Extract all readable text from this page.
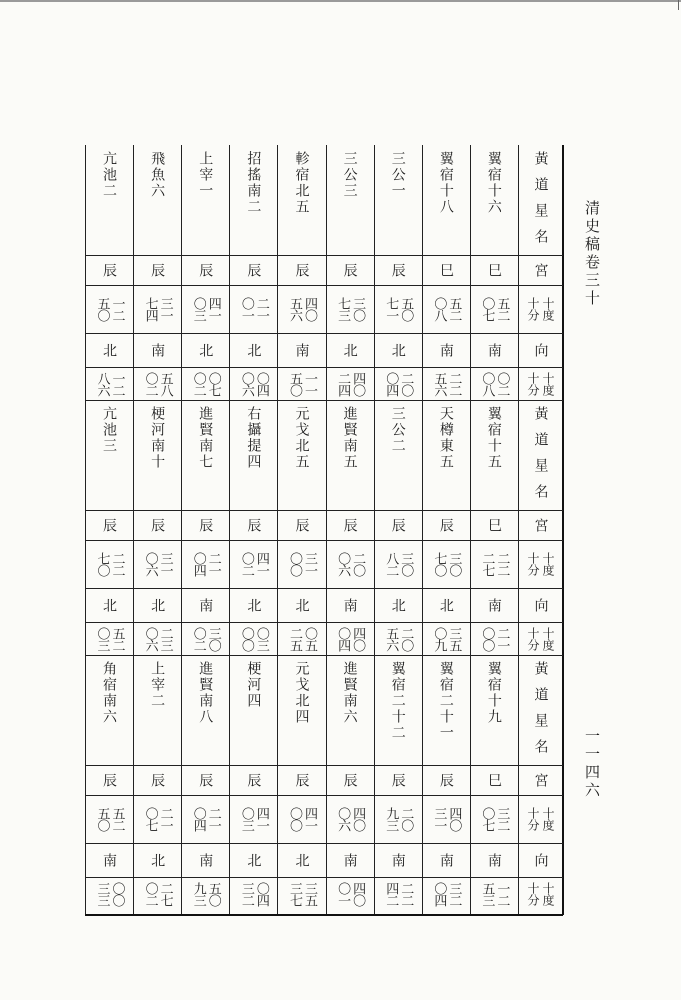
清史稿卷三十
一一四六
黃道星名
宮
十度
十分
向
十度
十分
翼宿十六
巳
五二
〇七
南
〇二
〇八
翼宿十八
巳
五二
〇八
南
二二
五六
三公一
辰
五〇
七一
北
二〇
〇四
三公三
辰
三〇
七三
北
四〇
二四
軫宿北五
辰
四〇
五六
南
一一
五〇
招搖南二
辰
二一
〇一
北
〇四
〇六
上宰一
辰
四一
〇三
北
〇七
〇二
飛魚六
辰
三一
七四
南
五八
〇二
亢池二
辰
一二
五〇
北
一二
八六
黃道星名
宮
十度
十分
向
十度
十分
翼宿十五
巳
二二
二七
南
二一
〇〇
天樽東五
辰
三〇
七〇
北
三五
〇九
三公二
辰
三〇
八二
北
二〇
五六
進賢南五
辰
二〇
〇六
南
四〇
〇四
元戈北五
辰
三一
〇〇
北
〇五
二五
右攝提四
辰
四一
〇二
北
〇三
〇〇
進賢南七
辰
二一
〇四
南
三〇
〇二
梗河南十
辰
三一
〇六
北
二三
〇六
亢池三
辰
二二
七〇
北
五二
〇三
黃道星名
宮
十度
十分
向
十度
十分
翼宿十九
巳
三二
〇七
南
一二
五三
翼宿二十一
辰
四〇
三一
南
三二
〇四
翼宿二十二
辰
二〇
九三
南
二二
四二
進賢南六
辰
四〇
〇六
南
四〇
〇一
元戈北四
辰
四一
〇〇
北
三五
三七
梗河四
辰
四一
〇三
北
〇四
三二
進賢南八
辰
二一
〇四
南
五〇
九三
上宰二
辰
二一
〇七
北
二七
〇二
角宿南六
辰
五二
五〇
南
〇〇
三三
